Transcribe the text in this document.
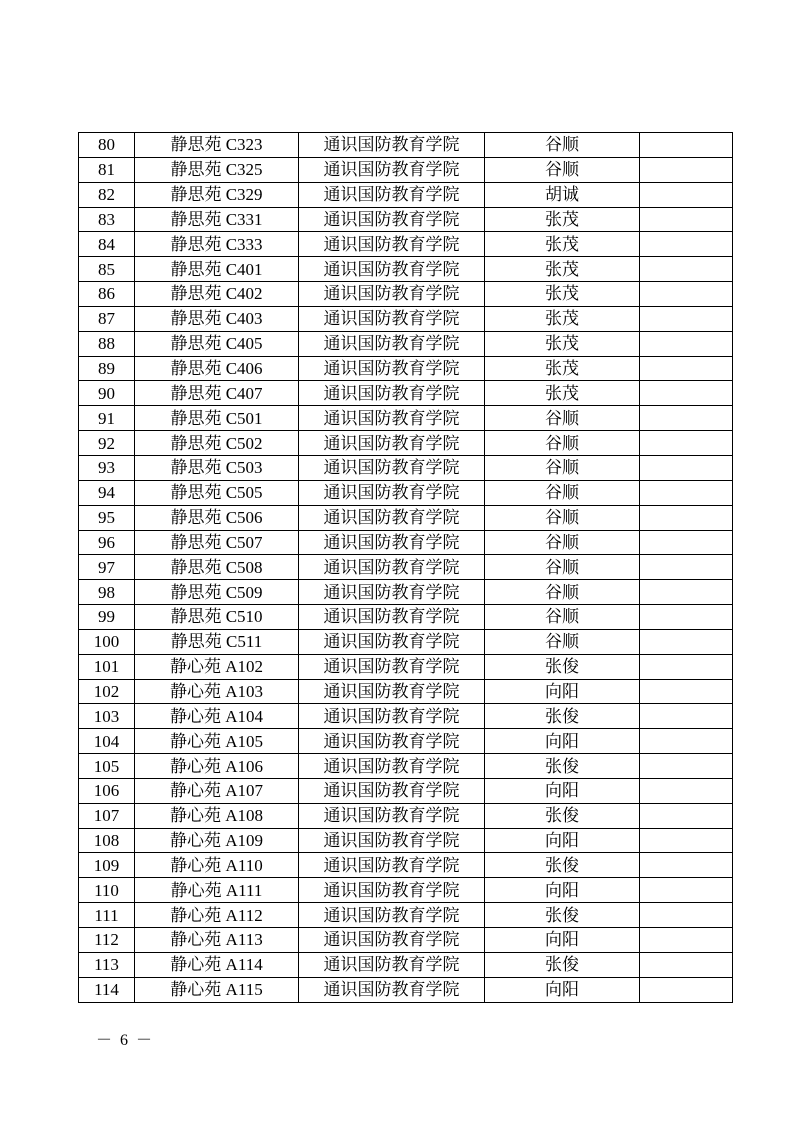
80	静思苑 C323	通识国防教育学院	谷顺	
81	静思苑 C325	通识国防教育学院	谷顺	
82	静思苑 C329	通识国防教育学院	胡诚	
83	静思苑 C331	通识国防教育学院	张茂	
84	静思苑 C333	通识国防教育学院	张茂	
85	静思苑 C401	通识国防教育学院	张茂	
86	静思苑 C402	通识国防教育学院	张茂	
87	静思苑 C403	通识国防教育学院	张茂	
88	静思苑 C405	通识国防教育学院	张茂	
89	静思苑 C406	通识国防教育学院	张茂	
90	静思苑 C407	通识国防教育学院	张茂	
91	静思苑 C501	通识国防教育学院	谷顺	
92	静思苑 C502	通识国防教育学院	谷顺	
93	静思苑 C503	通识国防教育学院	谷顺	
94	静思苑 C505	通识国防教育学院	谷顺	
95	静思苑 C506	通识国防教育学院	谷顺	
96	静思苑 C507	通识国防教育学院	谷顺	
97	静思苑 C508	通识国防教育学院	谷顺	
98	静思苑 C509	通识国防教育学院	谷顺	
99	静思苑 C510	通识国防教育学院	谷顺	
100	静思苑 C511	通识国防教育学院	谷顺	
101	静心苑 A102	通识国防教育学院	张俊	
102	静心苑 A103	通识国防教育学院	向阳	
103	静心苑 A104	通识国防教育学院	张俊	
104	静心苑 A105	通识国防教育学院	向阳	
105	静心苑 A106	通识国防教育学院	张俊	
106	静心苑 A107	通识国防教育学院	向阳	
107	静心苑 A108	通识国防教育学院	张俊	
108	静心苑 A109	通识国防教育学院	向阳	
109	静心苑 A110	通识国防教育学院	张俊	
110	静心苑 A111	通识国防教育学院	向阳	
111	静心苑 A112	通识国防教育学院	张俊	
112	静心苑 A113	通识国防教育学院	向阳	
113	静心苑 A114	通识国防教育学院	张俊	
114	静心苑 A115	通识国防教育学院	向阳	
－ 6 －
